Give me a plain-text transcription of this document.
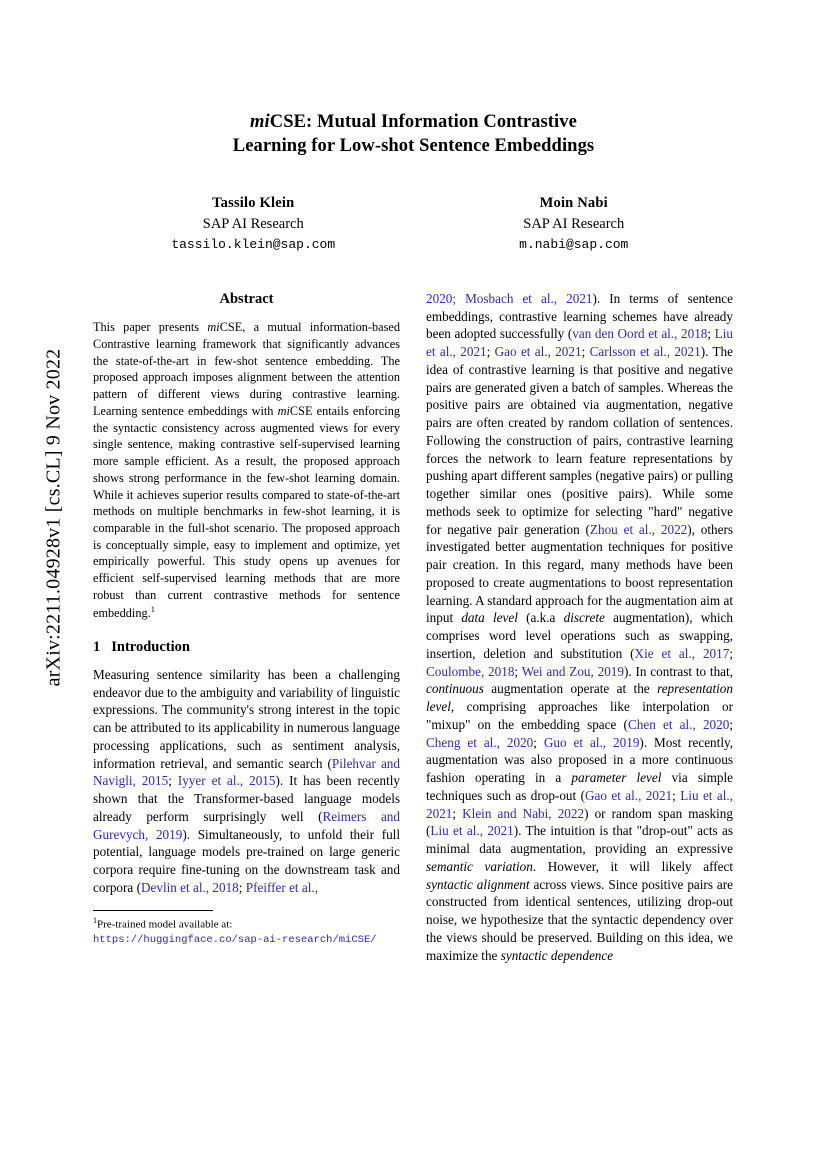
arXiv:2211.04928v1 [cs.CL] 9 Nov 2022
miCSE: Mutual Information Contrastive
Learning for Low-shot Sentence Embeddings
Tassilo Klein
SAP AI Research
tassilo.klein@sap.com
Moin Nabi
SAP AI Research
m.nabi@sap.com
Abstract
This paper presents miCSE, a mutual information-based Contrastive learning framework that significantly advances the state-of-the-art in few-shot sentence embedding. The proposed approach imposes alignment between the attention pattern of different views during contrastive learning. Learning sentence embeddings with miCSE entails enforcing the syntactic consistency across augmented views for every single sentence, making contrastive self-supervised learning more sample efficient. As a result, the proposed approach shows strong performance in the few-shot learning domain. While it achieves superior results compared to state-of-the-art methods on multiple benchmarks in few-shot learning, it is comparable in the full-shot scenario. The proposed approach is conceptually simple, easy to implement and optimize, yet empirically powerful. This study opens up avenues for efficient self-supervised learning methods that are more robust than current contrastive methods for sentence embedding.$^1$
1 Introduction

Measuring sentence similarity has been a challenging endeavor due to the ambiguity and variability of linguistic expressions. The community's strong interest in the topic can be attributed to its applicability in numerous language processing applications, such as sentiment analysis, information retrieval, and semantic search (Pilehvar and Navigli, 2015; Iyyer et al., 2015). It has been recently shown that the Transformer-based language models already perform surprisingly well (Reimers and Gurevych, 2019). Simultaneously, to unfold their full potential, language models pre-trained on large generic corpora require fine-tuning on the downstream task and corpora (Devlin et al., 2018; Pfeiffer et al.,

$^1$Pre-trained model available at:
https://huggingface.co/sap-ai-research/miCSE/

2020; Mosbach et al., 2021). In terms of sentence embeddings, contrastive learning schemes have already been adopted successfully (van den Oord et al., 2018; Liu et al., 2021; Gao et al., 2021; Carlsson et al., 2021). The idea of contrastive learning is that positive and negative pairs are generated given a batch of samples. Whereas the positive pairs are obtained via augmentation, negative pairs are often created by random collation of sentences. Following the construction of pairs, contrastive learning forces the network to learn feature representations by pushing apart different samples (negative pairs) or pulling together similar ones (positive pairs). While some methods seek to optimize for selecting "hard" negative for negative pair generation (Zhou et al., 2022), others investigated better augmentation techniques for positive pair creation. In this regard, many methods have been proposed to create augmentations to boost representation learning. A standard approach for the augmentation aim at input data level (a.k.a discrete augmentation), which comprises word level operations such as swapping, insertion, deletion and substitution (Xie et al., 2017; Coulombe, 2018; Wei and Zou, 2019). In contrast to that, continuous augmentation operate at the representation level, comprising approaches like interpolation or "mixup" on the embedding space (Chen et al., 2020; Cheng et al., 2020; Guo et al., 2019). Most recently, augmentation was also proposed in a more continuous fashion operating in a parameter level via simple techniques such as drop-out (Gao et al., 2021; Liu et al., 2021; Klein and Nabi, 2022) or random span masking (Liu et al., 2021). The intuition is that "drop-out" acts as minimal data augmentation, providing an expressive semantic variation. However, it will likely affect syntactic alignment across views. Since positive pairs are constructed from identical sentences, utilizing drop-out noise, we hypothesize that the syntactic dependency over the views should be preserved. Building on this idea, we maximize the syntactic dependence
